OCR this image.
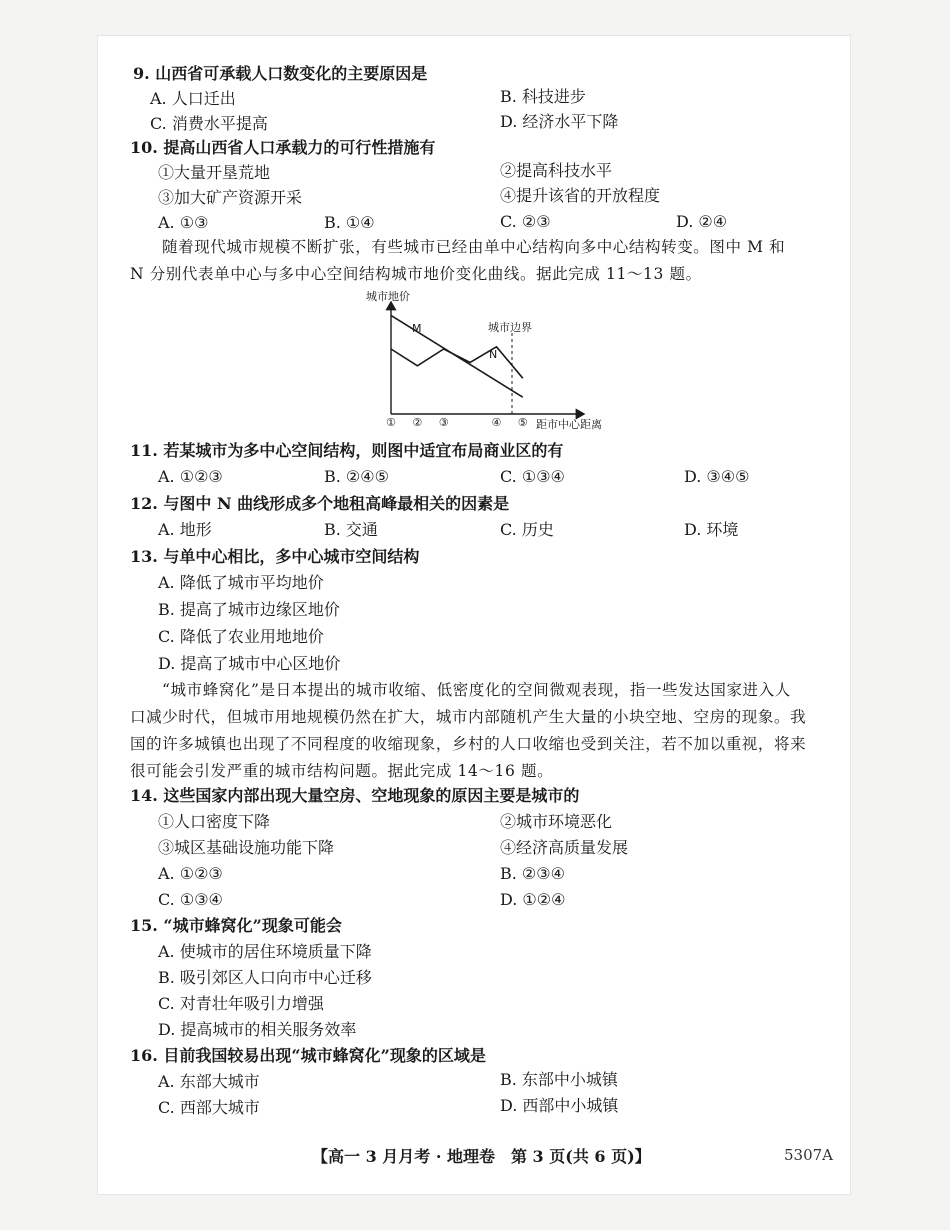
9. 山西省可承载人口数变化的主要原因是
A. 人口迁出	B. 科技进步
C. 消费水平提高	D. 经济水平下降
10. 提高山西省人口承载力的可行性措施有
①大量开垦荒地	②提高科技水平
③加大矿产资源开采	④提升该省的开放程度
A. ①③	B. ①④	C. ②③	D. ②④

随着现代城市规模不断扩张，有些城市已经由单中心结构向多中心结构转变。图中 M 和

N 分别代表单中心与多中心空间结构城市地价变化曲线。据此完成 11～13 题。

城市地价
距市中心距离
城市边界
M
N
① ② ③	④ ⑤
11. 若某城市为多中心空间结构，则图中适宜布局商业区的有
A. ①②③	B. ②④⑤	C. ①③④	D. ③④⑤
12. 与图中 N 曲线形成多个地租高峰最相关的因素是
A. 地形	B. 交通	C. 历史	D. 环境
13. 与单中心相比，多中心城市空间结构
A. 降低了城市平均地价
B. 提高了城市边缘区地价
C. 降低了农业用地地价
D. 提高了城市中心区地价

“城市蜂窝化”是日本提出的城市收缩、低密度化的空间微观表现，指一些发达国家进入人

口减少时代，但城市用地规模仍然在扩大，城市内部随机产生大量的小块空地、空房的现象。我

国的许多城镇也出现了不同程度的收缩现象，乡村的人口收缩也受到关注，若不加以重视，将来

很可能会引发严重的城市结构问题。据此完成 14～16 题。

14. 这些国家内部出现大量空房、空地现象的原因主要是城市的
①人口密度下降	②城市环境恶化
③城区基础设施功能下降	④经济高质量发展
A. ①②③	B. ②③④
C. ①③④	D. ①②④
15. “城市蜂窝化”现象可能会
A. 使城市的居住环境质量下降
B. 吸引郊区人口向市中心迁移
C. 对青壮年吸引力增强
D. 提高城市的相关服务效率
16. 目前我国较易出现“城市蜂窝化”现象的区域是
A. 东部大城市	B. 东部中小城镇
C. 西部大城市	D. 西部中小城镇
【高一 3 月月考 · 地理卷　第 3 页(共 6 页)】	5307A
